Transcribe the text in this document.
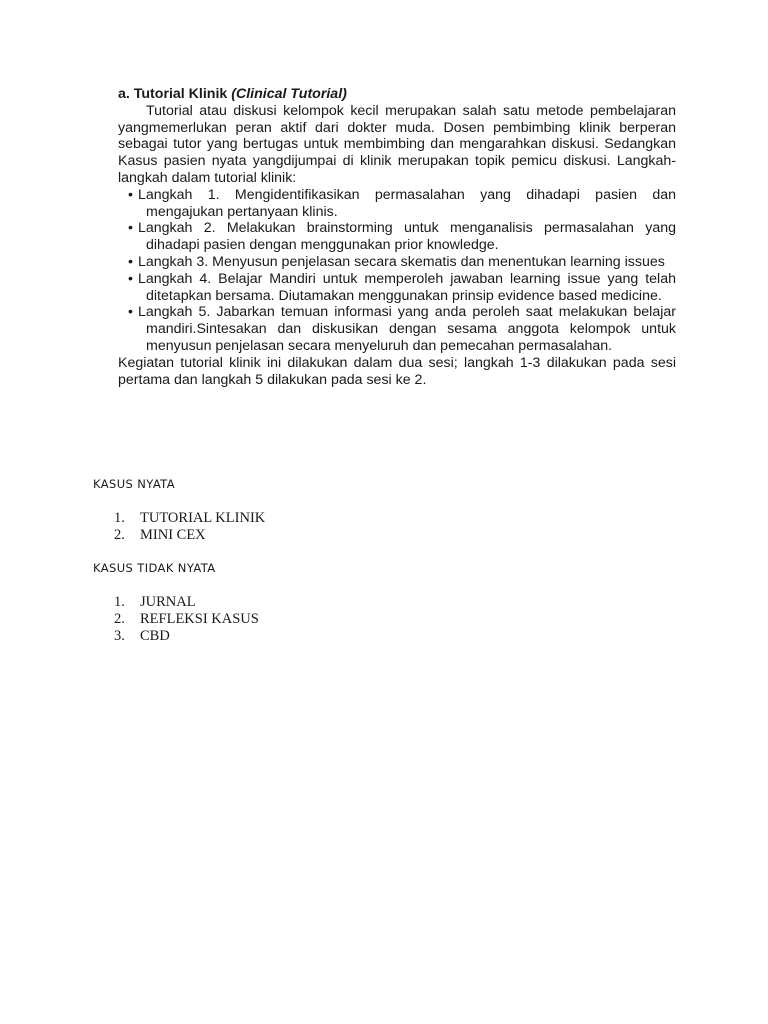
a. Tutorial Klinik (Clinical Tutorial)

Tutorial atau diskusi kelompok kecil merupakan salah satu metode pembelajaran yangmemerlukan peran aktif dari dokter muda. Dosen pembimbing klinik berperan sebagai tutor yang bertugas untuk membimbing dan mengarahkan diskusi. Sedangkan Kasus pasien nyata yangdijumpai di klinik merupakan topik pemicu diskusi. Langkah-langkah dalam tutorial klinik:

• Langkah 1. Mengidentifikasikan permasalahan yang dihadapi pasien dan mengajukan pertanyaan klinis.
• Langkah 2. Melakukan brainstorming untuk menganalisis permasalahan yang dihadapi pasien dengan menggunakan prior knowledge.
• Langkah 3. Menyusun penjelasan secara skematis dan menentukan learning issues
• Langkah 4. Belajar Mandiri untuk memperoleh jawaban learning issue yang telah ditetapkan bersama. Diutamakan menggunakan prinsip evidence based medicine.
• Langkah 5. Jabarkan temuan informasi yang anda peroleh saat melakukan belajar mandiri.Sintesakan dan diskusikan dengan sesama anggota kelompok untuk menyusun penjelasan secara menyeluruh dan pemecahan permasalahan.

Kegiatan tutorial klinik ini dilakukan dalam dua sesi; langkah 1-3 dilakukan pada sesi pertama dan langkah 5 dilakukan pada sesi ke 2.

KASUS NYATA
1.	TUTORIAL KLINIK
2.	MINI CEX
KASUS TIDAK NYATA
1.	JURNAL
2.	REFLEKSI KASUS
3.	CBD
